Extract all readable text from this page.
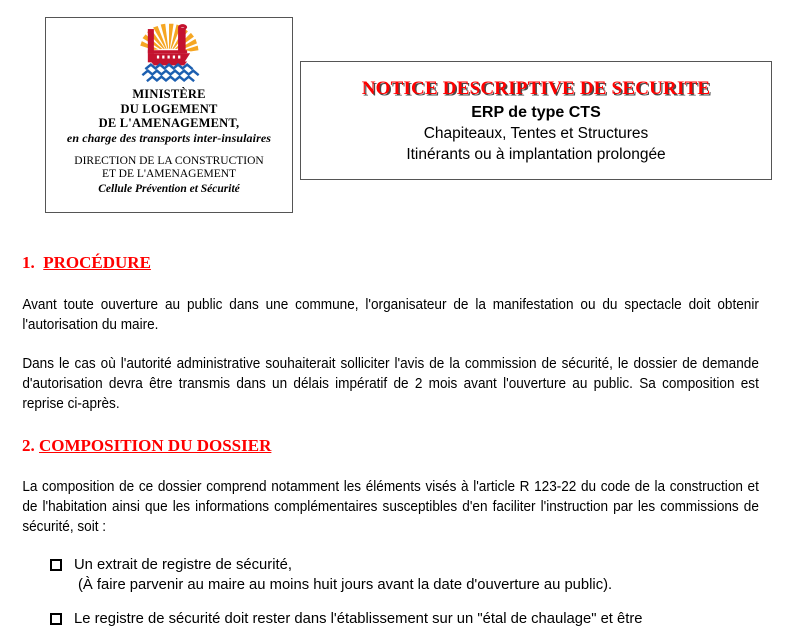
MINISTÈRE
DU LOGEMENT
DE L'AMENAGEMENT,
en charge des transports inter-insulaires
DIRECTION DE LA CONSTRUCTION
ET DE L'AMENAGEMENT
Cellule Prévention et Sécurité
NOTICE DESCRIPTIVE DE SECURITE
ERP de type CTS
Chapiteaux, Tentes et Structures
Itinérants ou à implantation prolongée
1. PROCÉDURE

Avant toute ouverture au public dans une commune, l'organisateur de la manifestation ou du spectacle doit obtenir l'autorisation du maire.

Dans le cas où l'autorité administrative souhaiterait solliciter l'avis de la commission de sécurité, le dossier de demande d'autorisation devra être transmis dans un délais impératif de 2 mois avant l'ouverture au public. Sa composition est reprise ci-après.

2. COMPOSITION DU DOSSIER

La composition de ce dossier comprend notamment les éléments visés à l'article R 123-22 du code de la construction et de l'habitation ainsi que les informations complémentaires susceptibles d'en faciliter l'instruction par les commissions de sécurité, soit :

Un extrait de registre de sécurité,
(À faire parvenir au maire au moins huit jours avant la date d'ouverture au public).
Le registre de sécurité doit rester dans l'établissement sur un "étal de chaulage" et être
